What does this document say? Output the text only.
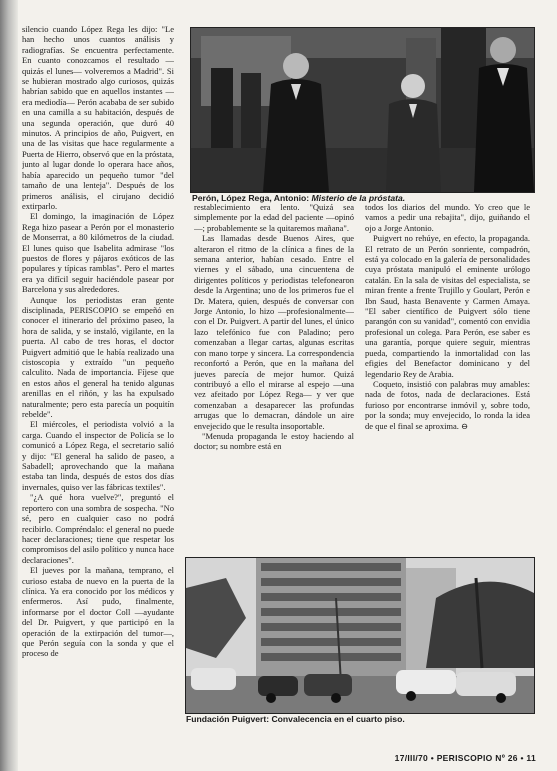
silencio cuando López Rega les dijo: "Le han hecho unos cuantos análisis y radiografías. Se encuentra perfectamente. En cuanto conozcamos el resultado —quizás el lunes— volveremos a Madrid". Si se hubieran mostrado algo curiosos, quizás habrían sabido que en aquellos instantes —era mediodía— Perón acababa de ser subido en una camilla a su habitación, después de una segunda operación, que duró 40 minutos. A principios de año, Puigvert, en una de las visitas que hace regularmente a Puerta de Hierro, observó que en la próstata, junto al lugar donde lo operara hace años, había aparecido un pequeño tumor "del tamaño de una lenteja". Después de los primeros análisis, el cirujano decidió extirparlo.

El domingo, la imaginación de López Rega hizo pasear a Perón por el monasterio de Monserrat, a 80 kilómetros de la ciudad. El lunes quiso que Isabelita admirase "los puestos de flores y pájaros exóticos de las populares y típicas ramblas". Pero el martes era ya difícil seguir haciéndole pasear por Barcelona y sus alrededores.

Aunque los periodistas eran gente disciplinada, PERISCOPIO se empeñó en conocer el itinerario del próximo paseo, la hora de salida, y se instaló, vigilante, en la puerta. Al cabo de tres horas, el doctor Puigvert admitió que le había realizado una cistoscopia y extraído "un pequeño calculito. Nada de importancia. Fíjese que en estos años el general ha tenido algunas arenillas en el riñón, y las ha expulsado naturalmente; pero esta parecía un poquitín rebelde".

El miércoles, el periodista volvió a la carga. Cuando el inspector de Policía se lo comunicó a López Rega, el secretario salió y dijo: "El general ha salido de paseo, a Sabadell; aprovechando que la mañana estaba tan linda, después de estos dos días invernales, quiso ver las fábricas textiles".

"¿A qué hora vuelve?", preguntó el reportero con una sombra de sospecha. "No sé, pero en cualquier caso no podrá recibirlo. Compréndalo: el general no puede hacer declaraciones; tiene que respetar los compromisos del asilo político y nunca hace declaraciones".

El jueves por la mañana, temprano, el curioso estaba de nuevo en la puerta de la clínica. Ya era conocido por los médicos y enfermeros. Así pudo, finalmente, informarse por el doctor Coll —ayudante del Dr. Puigvert, y que participó en la operación de la extirpación del tumor—, que Perón seguía con la sonda y que el proceso de

Perón, López Rega, Antonio: Misterio de la próstata.

restablecimiento era lento. "Quizá sea simplemente por la edad del paciente —opinó—; probablemente se la quitaremos mañana".

Las llamadas desde Buenos Aires, que alteraron el ritmo de la clínica a fines de la semana anterior, habían cesado. Entre el viernes y el sábado, una cincuentena de dirigentes políticos y periodistas telefonearon desde la Argentina; uno de los primeros fue el Dr. Matera, quien, después de conversar con Jorge Antonio, lo hizo —profesionalmente— con el Dr. Puigvert. A partir del lunes, el único lazo telefónico fue con Paladino; pero comenzaban a llegar cartas, algunas escritas con mano torpe y sincera. La correspondencia reconfortó a Perón, que en la mañana del jueves parecía de mejor humor. Quizá contribuyó a ello el mirarse al espejo —una vez afeitado por López Rega— y ver que comenzaban a desaparecer las profundas arrugas que lo demacran, dándole un aire envejecido que le resulta insoportable.

"Menuda propaganda le estoy haciendo al doctor; su nombre está en

todos los diarios del mundo. Yo creo que le vamos a pedir una rebajita", dijo, guiñando el ojo a Jorge Antonio.

Puigvert no rehúye, en efecto, la propaganda. El retrato de un Perón sonriente, compadrón, está ya colocado en la galería de personalidades cuya próstata manipuló el eminente urólogo catalán. En la sala de visitas del especialista, se miran frente a frente Trujillo y Goulart, Perón e Ibn Saud, hasta Benavente y Carmen Amaya. "El saber científico de Puigvert sólo tiene parangón con su vanidad", comentó con envidia profesional un colega. Para Perón, ese saber es una garantía, porque quiere seguir, mientras pueda, compartiendo la inmortalidad con las efigies del Benefactor dominicano y del legendario Rey de Arabia.

Coqueto, insistió con palabras muy amables: nada de fotos, nada de declaraciones. Está furioso por encontrarse inmóvil y, sobre todo, por la sonda; muy envejecido, lo ronda la idea de que el final se aproxima. ⊖

Fundación Puigvert: Convalecencia en el cuarto piso.
17/III/70 • PERISCOPIO Nº 26 • 11
